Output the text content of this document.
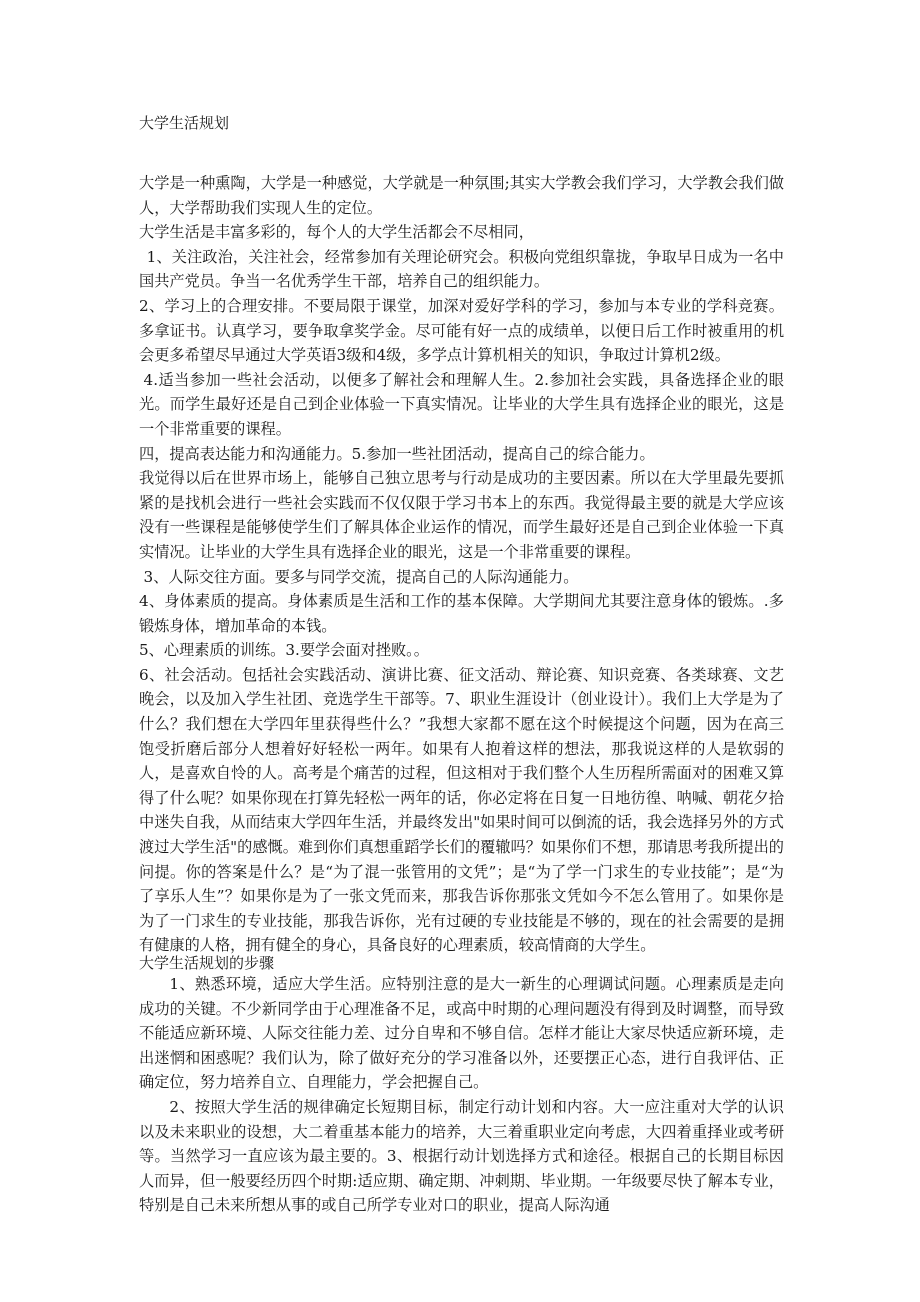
大学生活规划

大学是一种熏陶，大学是一种感觉，大学就是一种氛围;其实大学教会我们学习，大学教会我们做人，大学帮助我们实现人生的定位。

大学生活是丰富多彩的，每个人的大学生活都会不尽相同，

1、关注政治，关注社会，经常参加有关理论研究会。积极向党组织靠拢，争取早日成为一名中国共产党员。争当一名优秀学生干部，培养自己的组织能力。

2、学习上的合理安排。不要局限于课堂，加深对爱好学科的学习，参加与本专业的学科竞赛。多拿证书。认真学习，要争取拿奖学金。尽可能有好一点的成绩单，以便日后工作时被重用的机会更多希望尽早通过大学英语3级和4级，多学点计算机相关的知识，争取过计算机2级。

4.适当参加一些社会活动，以便多了解社会和理解人生。2.参加社会实践，具备选择企业的眼光。而学生最好还是自己到企业体验一下真实情况。让毕业的大学生具有选择企业的眼光，这是一个非常重要的课程。

四，提高表达能力和沟通能力。5.参加一些社团活动，提高自己的综合能力。

我觉得以后在世界市场上，能够自己独立思考与行动是成功的主要因素。所以在大学里最先要抓紧的是找机会进行一些社会实践而不仅仅限于学习书本上的东西。我觉得最主要的就是大学应该没有一些课程是能够使学生们了解具体企业运作的情况，而学生最好还是自己到企业体验一下真实情况。让毕业的大学生具有选择企业的眼光，这是一个非常重要的课程。

3、人际交往方面。要多与同学交流，提高自己的人际沟通能力。

4、身体素质的提高。身体素质是生活和工作的基本保障。大学期间尤其要注意身体的锻炼。.多锻炼身体，增加革命的本钱。

5、心理素质的训练。3.要学会面对挫败。。

6、社会活动。包括社会实践活动、演讲比赛、征文活动、辩论赛、知识竞赛、各类球赛、文艺晚会，以及加入学生社团、竞选学生干部等。7、职业生涯设计（创业设计）。我们上大学是为了什么？我们想在大学四年里获得些什么？”我想大家都不愿在这个时候提这个问题，因为在高三饱受折磨后部分人想着好好轻松一两年。如果有人抱着这样的想法，那我说这样的人是软弱的人，是喜欢自怜的人。高考是个痛苦的过程，但这相对于我们整个人生历程所需面对的困难又算得了什么呢？如果你现在打算先轻松一两年的话，你必定将在日复一日地彷徨、呐喊、朝花夕拾中迷失自我，从而结束大学四年生活，并最终发出"如果时间可以倒流的话，我会选择另外的方式渡过大学生活"的感慨。难到你们真想重蹈学长们的覆辙吗？如果你们不想，那请思考我所提出的问提。你的答案是什么？是“为了混一张管用的文凭”；是“为了学一门求生的专业技能”；是“为了享乐人生”？如果你是为了一张文凭而来，那我告诉你那张文凭如今不怎么管用了。如果你是为了一门求生的专业技能，那我告诉你，光有过硬的专业技能是不够的，现在的社会需要的是拥有健康的人格，拥有健全的身心，具备良好的心理素质，较高情商的大学生。

大学生活规划的步骤

1、熟悉环境，适应大学生活。应特别注意的是大一新生的心理调试问题。心理素质是走向成功的关键。不少新同学由于心理准备不足，或高中时期的心理问题没有得到及时调整，而导致不能适应新环境、人际交往能力差、过分自卑和不够自信。怎样才能让大家尽快适应新环境，走出迷惘和困惑呢？我们认为，除了做好充分的学习准备以外，还要摆正心态，进行自我评估、正确定位，努力培养自立、自理能力，学会把握自己。

2、按照大学生活的规律确定长短期目标，制定行动计划和内容。大一应注重对大学的认识以及未来职业的设想，大二着重基本能力的培养，大三着重职业定向考虑，大四着重择业或考研等。当然学习一直应该为最主要的。3、根据行动计划选择方式和途径。根据自己的长期目标因人而异，但一般要经历四个时期:适应期、确定期、冲刺期、毕业期。一年级要尽快了解本专业，特别是自己未来所想从事的或自己所学专业对口的职业，提高人际沟通
